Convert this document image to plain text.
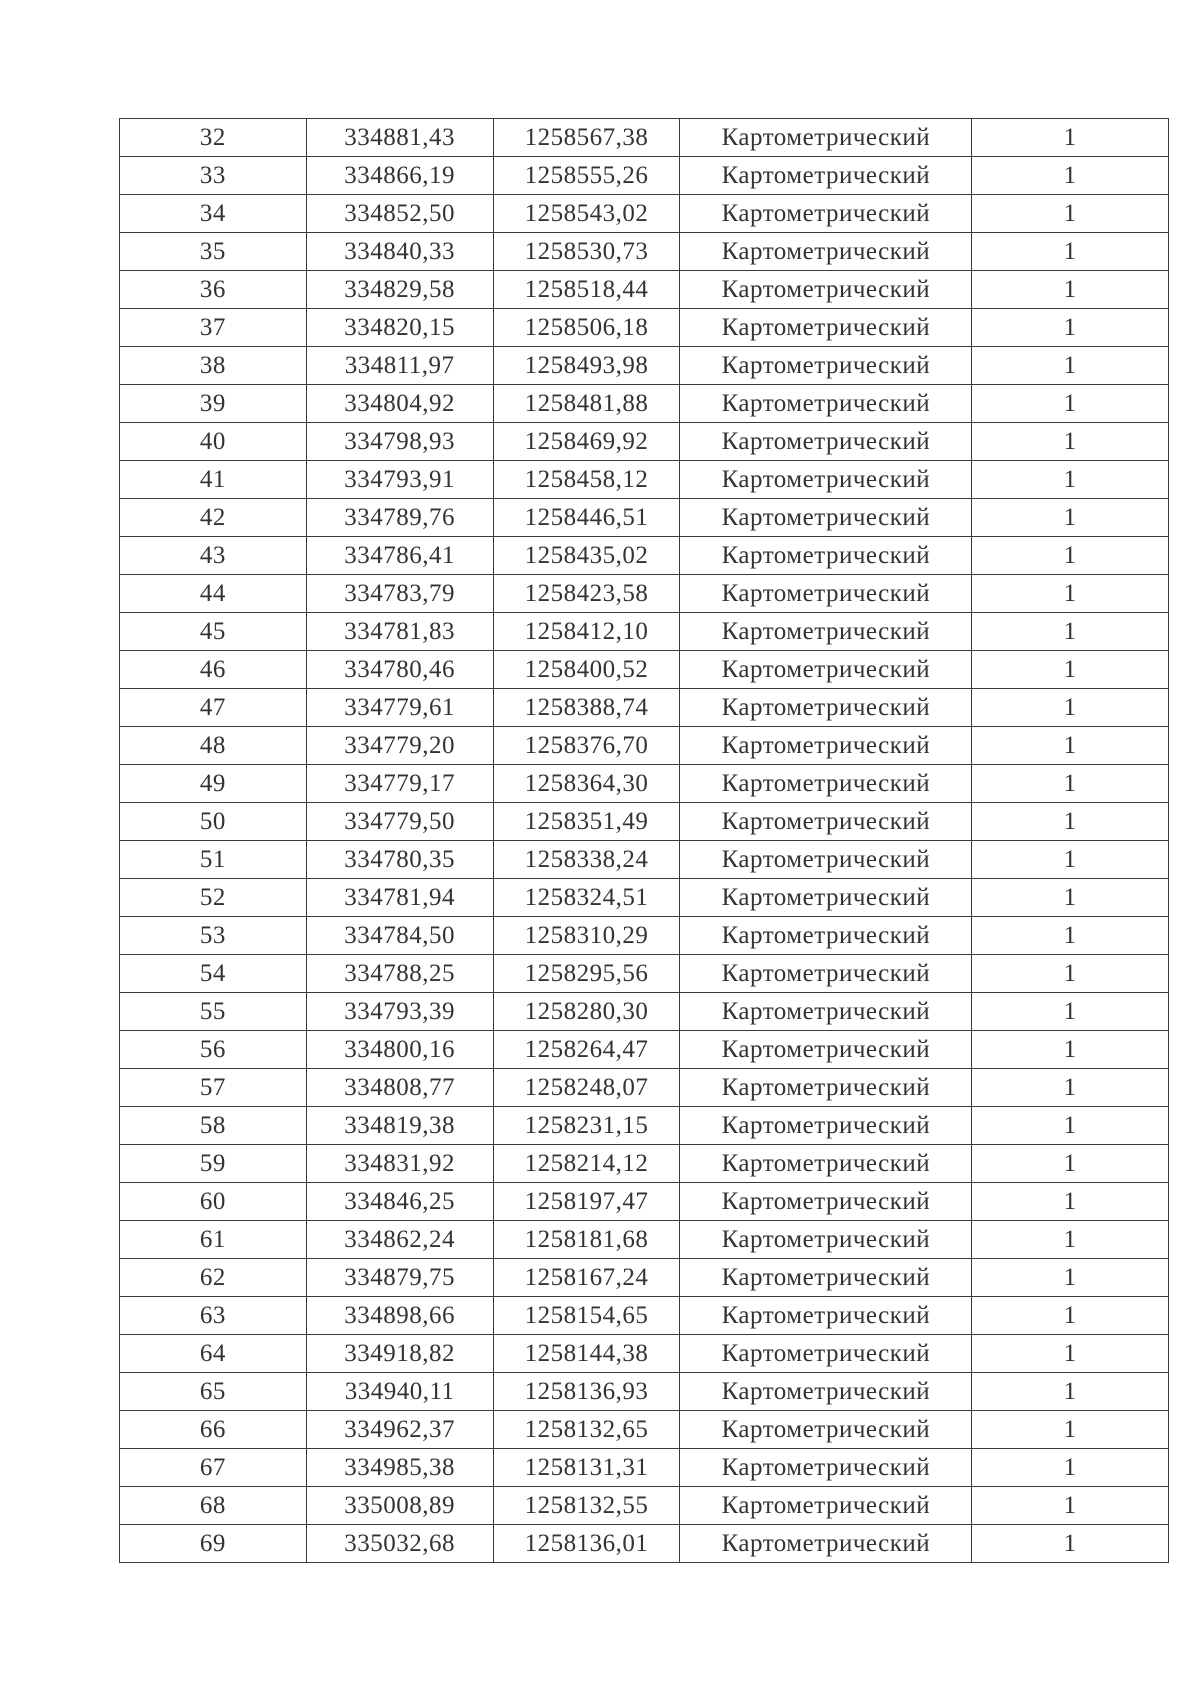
32	334881,43	1258567,38	Картометрический	1
33	334866,19	1258555,26	Картометрический	1
34	334852,50	1258543,02	Картометрический	1
35	334840,33	1258530,73	Картометрический	1
36	334829,58	1258518,44	Картометрический	1
37	334820,15	1258506,18	Картометрический	1
38	334811,97	1258493,98	Картометрический	1
39	334804,92	1258481,88	Картометрический	1
40	334798,93	1258469,92	Картометрический	1
41	334793,91	1258458,12	Картометрический	1
42	334789,76	1258446,51	Картометрический	1
43	334786,41	1258435,02	Картометрический	1
44	334783,79	1258423,58	Картометрический	1
45	334781,83	1258412,10	Картометрический	1
46	334780,46	1258400,52	Картометрический	1
47	334779,61	1258388,74	Картометрический	1
48	334779,20	1258376,70	Картометрический	1
49	334779,17	1258364,30	Картометрический	1
50	334779,50	1258351,49	Картометрический	1
51	334780,35	1258338,24	Картометрический	1
52	334781,94	1258324,51	Картометрический	1
53	334784,50	1258310,29	Картометрический	1
54	334788,25	1258295,56	Картометрический	1
55	334793,39	1258280,30	Картометрический	1
56	334800,16	1258264,47	Картометрический	1
57	334808,77	1258248,07	Картометрический	1
58	334819,38	1258231,15	Картометрический	1
59	334831,92	1258214,12	Картометрический	1
60	334846,25	1258197,47	Картометрический	1
61	334862,24	1258181,68	Картометрический	1
62	334879,75	1258167,24	Картометрический	1
63	334898,66	1258154,65	Картометрический	1
64	334918,82	1258144,38	Картометрический	1
65	334940,11	1258136,93	Картометрический	1
66	334962,37	1258132,65	Картометрический	1
67	334985,38	1258131,31	Картометрический	1
68	335008,89	1258132,55	Картометрический	1
69	335032,68	1258136,01	Картометрический	1
